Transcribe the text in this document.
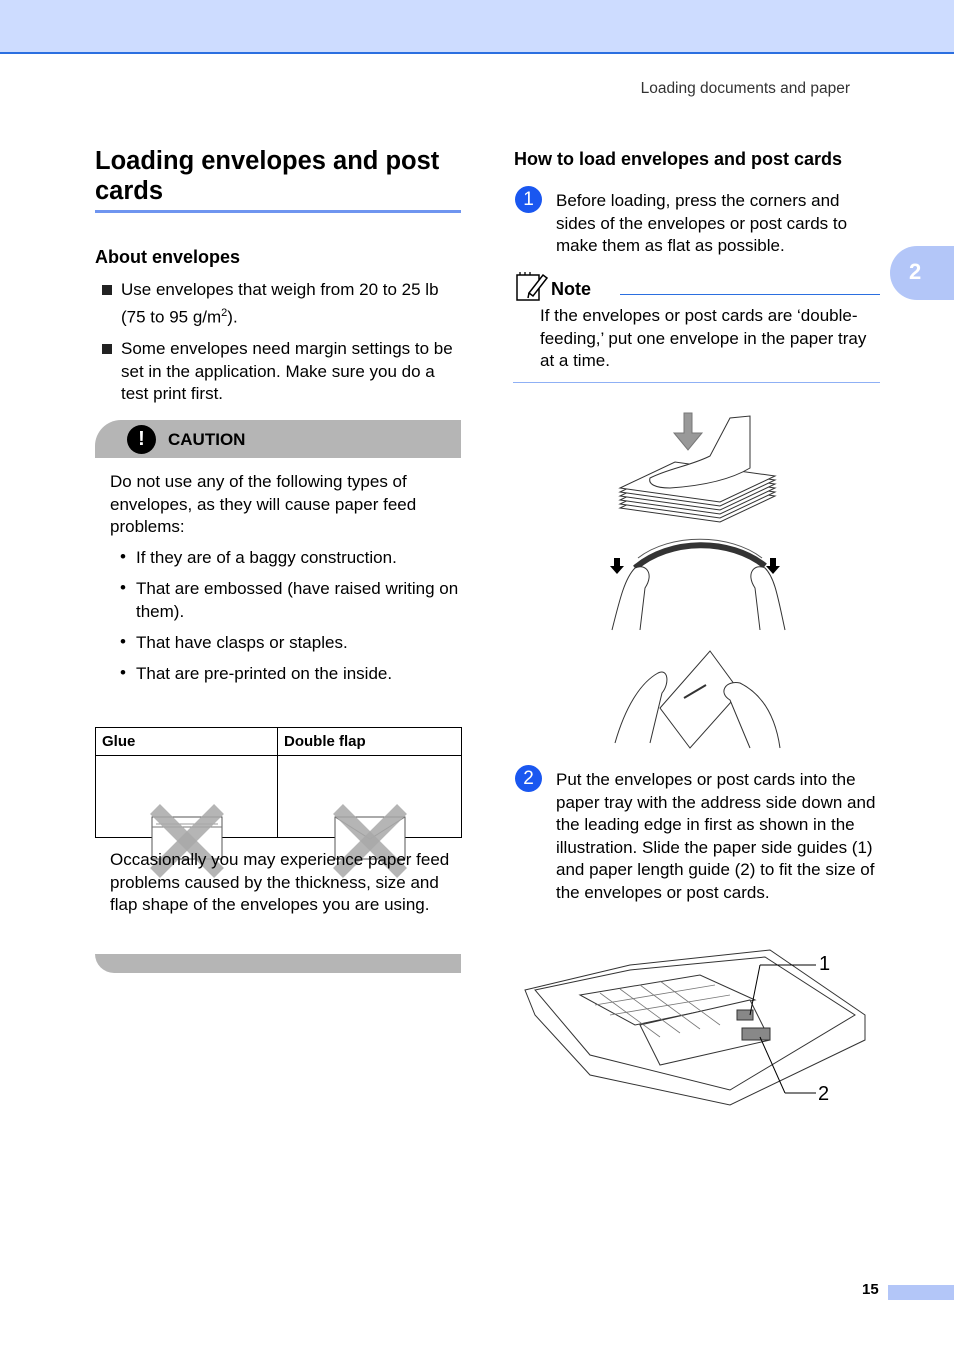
Loading documents and paper
2
Loading envelopes and post cards
About envelopes
Use envelopes that weigh from 20 to 25 lb (75 to 95 $g/m^2$).
Some envelopes need margin settings to be set in the application. Make sure you do a test print first.
!	CAUTION
Do not use any of the following types of envelopes, as they will cause paper feed problems:
• If they are of a baggy construction.
• That are embossed (have raised writing on them).
• That have clasps or staples.
• That are pre-printed on the inside.
Glue	Double flap

Occasionally you may experience paper feed problems caused by the thickness, size and flap shape of the envelopes you are using.
How to load envelopes and post cards
1	Before loading, press the corners and sides of the envelopes or post cards to make them as flat as possible.
Note
If the envelopes or post cards are ‘double-feeding,’ put one envelope in the paper tray at a time.
2	Put the envelopes or post cards into the paper tray with the address side down and the leading edge in first as shown in the illustration. Slide the paper side guides (1) and paper length guide (2) to fit the size of the envelopes or post cards.
1
2
15
